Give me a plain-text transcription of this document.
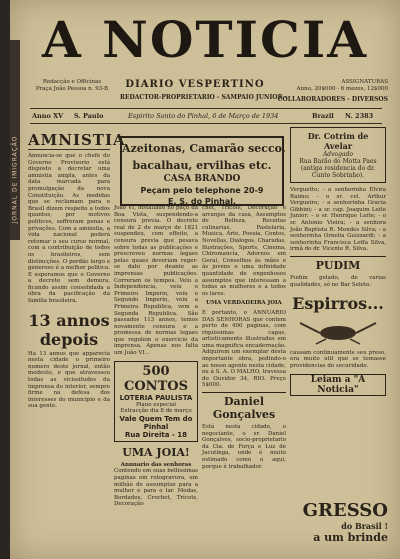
JORNAL DE IMIGRAÇÃO
A NOTICIA
Redacção e Officinas
Praça João Pessoa n. 93-B	DIARIO VESPERTINO
REDACTOR-PROPRIETARIO - SAMPAIO JUNIOR -
ASSIGNATURAS
Anno, 20$000 - 6 mezes, 12$000
COLLABORADORES - DIVERSOS
Anno XV S. Paulo	Espirito Santo do Pinhal, 6 de Março de 1934	Brazil N. 2383
AMNISTIA
Annuncia-se que o chefe do Governo Provisorio está disposto a decretar uma amnistia ampla, antes da data marcada para promulgação da nova Constituição. As medidas que se reclamam para o Brasil dizem respeito a todos quantos, por motivos politicos, soffreram penas e privações. Com a amnistia, a vida nacional poderá retomar o seu curso normal, com a contribuição de todos os brasileiros, sem distincções. O perdão largo e generoso é a melhor politica. E esperamos que o Governo a decrete sem demora, ficando assim consolidada a obra da pacificação da familia brasileira.
13 annos depois
Ha 13 annos que apparecia nesta cidade o primeiro numero deste jornal, então modesto, e que atravessou todas as vicissitudes da imprensa do interior, sempre firme na defesa dos interesses do municipio e da sua gente.
Azeitonas, Camarão secco,
bacalhau, ervilhas etc.
CASA BRANDO
Peçam pelo telephone 20-9
E. S. do Pinhal.
João VI, installado no paço da Boa Vista, suspendendo-a censura previa. O decreto real de 2 de março de 1821 suspendeu, com effeito, a censura previa que pesava sobre todas as publicações e prescreveu normas legaes pelas quaes deveriam reger-se dahi por deante as imprensas publicações. Correram os tempos. Veiu a Independencia, veiu o Primeiro Imperio, veiu o Segundo Imperio, veiu a Primeira Republica, vem a Segunda Republica. São passados 113 annos, temos novamente censura e a promessa de normas legaes que regulem o exercicio da imprensa. Apenas nos falta um João VI...
500 CONTOS
LOTERIA PAULISTA
Plano especial
Extracção dia 8 de março
Vale Quem Tem do Pinhal
Rua Direita - 18
UMA JOIA!
Annuario das senhoras
Contendo em suas bellissimas paginas em rotogravura, um milhão de assumptos para a mulher e para o lar. Modas, Bordados, Crochet, Tricots, Decoração
chet, Tricots, Decoração e arranjos da casa, Assumptos de Belleza, Receitas culinarias, Pastelaria, Musica, Arte, Poesia, Contos, Novellas, Dialogos, Charadas, Ilustrações, Sports, Cinema, Chiromancia, Adornos em Geral, Conselhos às mães e às jovens e uma infinidade quantidade de engenhosos assumptos que interessam a todas as mulheres e a todos os lares.
UMA VERDADEIRA JOIA
E portanto, o ANNUARIO DAS SENHORAS que contem perto de 400 paginas, com riquissimas capas, artisticamente illustradas em uma magnifica encadernação. Adquirem um exemplar desta importante obra, pedindo-o ao nosso agente nesta cidade, ou á S. A. O MALHO, travessa do Ouvidor 34, RIO. Preço 5$000.
Daniel Gonçalves
Está nesta cidade, o negociante, o sr. Daniel Gonçalves, socio-proprietario da Cia. de Força e Luz de Jacutinga, onde é muito estimado como o aqui, porque é trabalhador.
Dr. Cotrim de Avelar
Advogado
Rua Barão do Motta Paes (antiga residencia do dr. Cunto Sobrinho).
Verguetto; - a senhorinha Elvira Raimo; - o sr. cel. Arthur Vergueiro; - a senhorinha Gracia Gibbini; - a sr. cap. Joaquim Leite Junior; - o sr. Henrique Leite; - o sr. Antonio Vieira; - a senhora João Baptista R. Mendes Silva; - a senhorinha Ornelia Guizzardi; - a senhorinha Francisca Lotfa Silva, irmã do dr. Vicente R. Silva.
PUDIM
Pudim gelado, de varias qualidades, só no Bar Seleto.
Espirros...
causam continuamente seu preso, era muito util que se tomasse providencias do securidade.
Leiam a "A Noticia"
GRESSO
do Brasil !
a um brinde
